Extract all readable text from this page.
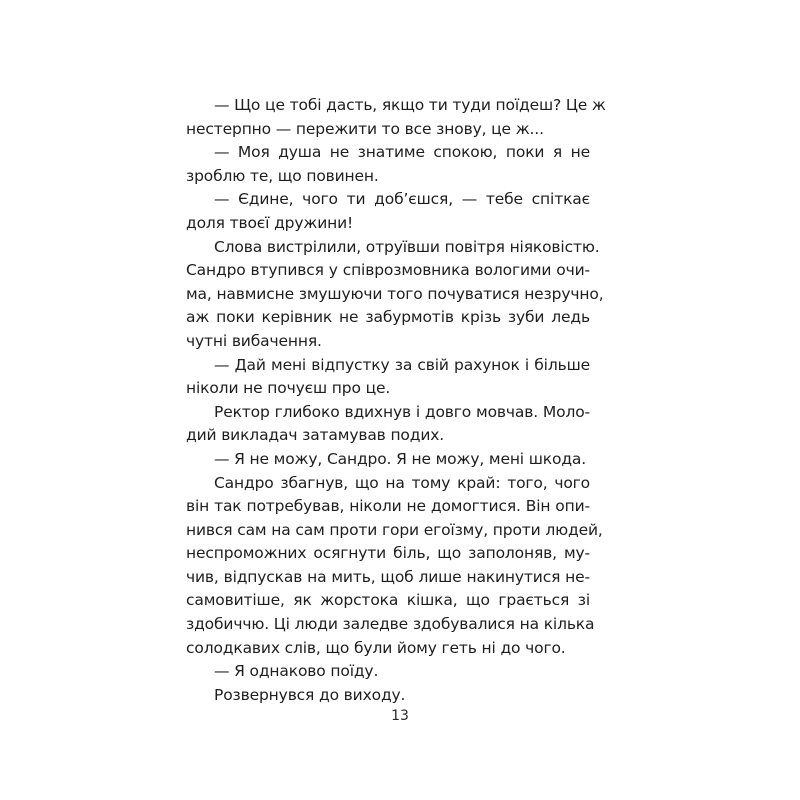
— Що це тобі дасть, якщо ти туди поїдеш? Це ж
нестерпно — пережити то все знову, це ж...
— Моя душа не знатиме спокою, поки я не
зроблю те, що повинен.
— Єдине, чого ти доб’єшся, — тебе спіткає
доля твоєї дружини!
Слова вистрілили, отруївши повітря ніяковістю.
Сандро втупився у співрозмовника вологими очи-
ма, навмисне змушуючи того почуватися незручно,
аж поки керівник не забурмотів крізь зуби ледь
чутні вибачення.
— Дай мені відпустку за свій рахунок і більше
ніколи не почуєш про це.
Ректор глибоко вдихнув і довго мовчав. Моло-
дий викладач затамував подих.
— Я не можу, Сандро. Я не можу, мені шкода.
Сандро збагнув, що на тому край: того, чого
він так потребував, ніколи не домогтися. Він опи-
нився сам на сам проти гори егоїзму, проти людей,
неспроможних осягнути біль, що заполоняв, му-
чив, відпускав на мить, щоб лише накинутися не-
самовитіше, як жорстока кішка, що грається зі
здобиччю. Ці люди заледве здобувалися на кілька
солодкавих слів, що були йому геть ні до чого.
— Я однаково поїду.
Розвернувся до виходу.
13
